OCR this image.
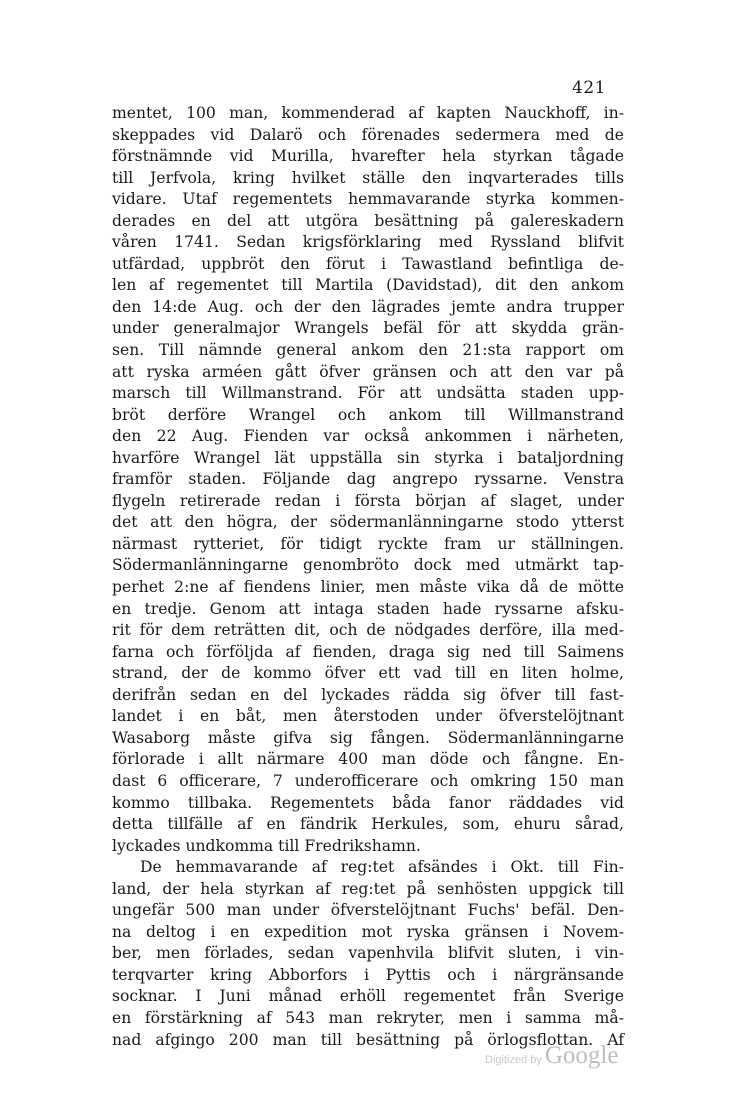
421
mentet, 100 man, kommenderad af kapten Nauckhoff, in-
skeppades vid Dalarö och förenades sedermera med de
förstnämnde vid Murilla, hvarefter hela styrkan tågade
till Jerfvola, kring hvilket ställe den inqvarterades tills
vidare. Utaf regementets hemmavarande styrka kommen-
derades en del att utgöra besättning på galereskadern
våren 1741. Sedan krigsförklaring med Ryssland blifvit
utfärdad, uppbröt den förut i Tawastland befintliga de-
len af regementet till Martila (Davidstad), dit den ankom
den 14:de Aug. och der den lägrades jemte andra trupper
under generalmajor Wrangels befäl för att skydda grän-
sen. Till nämnde general ankom den 21:sta rapport om
att ryska arméen gått öfver gränsen och att den var på
marsch till Willmanstrand. För att undsätta staden upp-
bröt derföre Wrangel och ankom till Willmanstrand
den 22 Aug. Fienden var också ankommen i närheten,
hvarföre Wrangel lät uppställa sin styrka i bataljordning
framför staden. Följande dag angrepo ryssarne. Venstra
flygeln retirerade redan i första början af slaget, under
det att den högra, der södermanlänningarne stodo ytterst
närmast rytteriet, för tidigt ryckte fram ur ställningen.
Södermanlänningarne genombröto dock med utmärkt tap-
perhet 2:ne af fiendens linier, men måste vika då de mötte
en tredje. Genom att intaga staden hade ryssarne afsku-
rit för dem reträtten dit, och de nödgades derföre, illa med-
farna och förföljda af fienden, draga sig ned till Saimens
strand, der de kommo öfver ett vad till en liten holme,
derifrån sedan en del lyckades rädda sig öfver till fast-
landet i en båt, men återstoden under öfverstelöjtnant
Wasaborg måste gifva sig fången. Södermanlänningarne
förlorade i allt närmare 400 man döde och fångne. En-
dast 6 officerare, 7 underofficerare och omkring 150 man
kommo tillbaka. Regementets båda fanor räddades vid
detta tillfälle af en fändrik Herkules, som, ehuru sårad,
lyckades undkomma till Fredrikshamn.
De hemmavarande af reg:tet afsändes i Okt. till Fin-
land, der hela styrkan af reg:tet på senhösten uppgick till
ungefär 500 man under öfverstelöjtnant Fuchs' befäl. Den-
na deltog i en expedition mot ryska gränsen i Novem-
ber, men förlades, sedan vapenhvila blifvit sluten, i vin-
terqvarter kring Abborfors i Pyttis och i närgränsande
socknar. I Juni månad erhöll regementet från Sverige
en förstärkning af 543 man rekryter, men i samma må-
nad afgingo 200 man till besättning på örlogsflottan. Af
Digitized by Google
